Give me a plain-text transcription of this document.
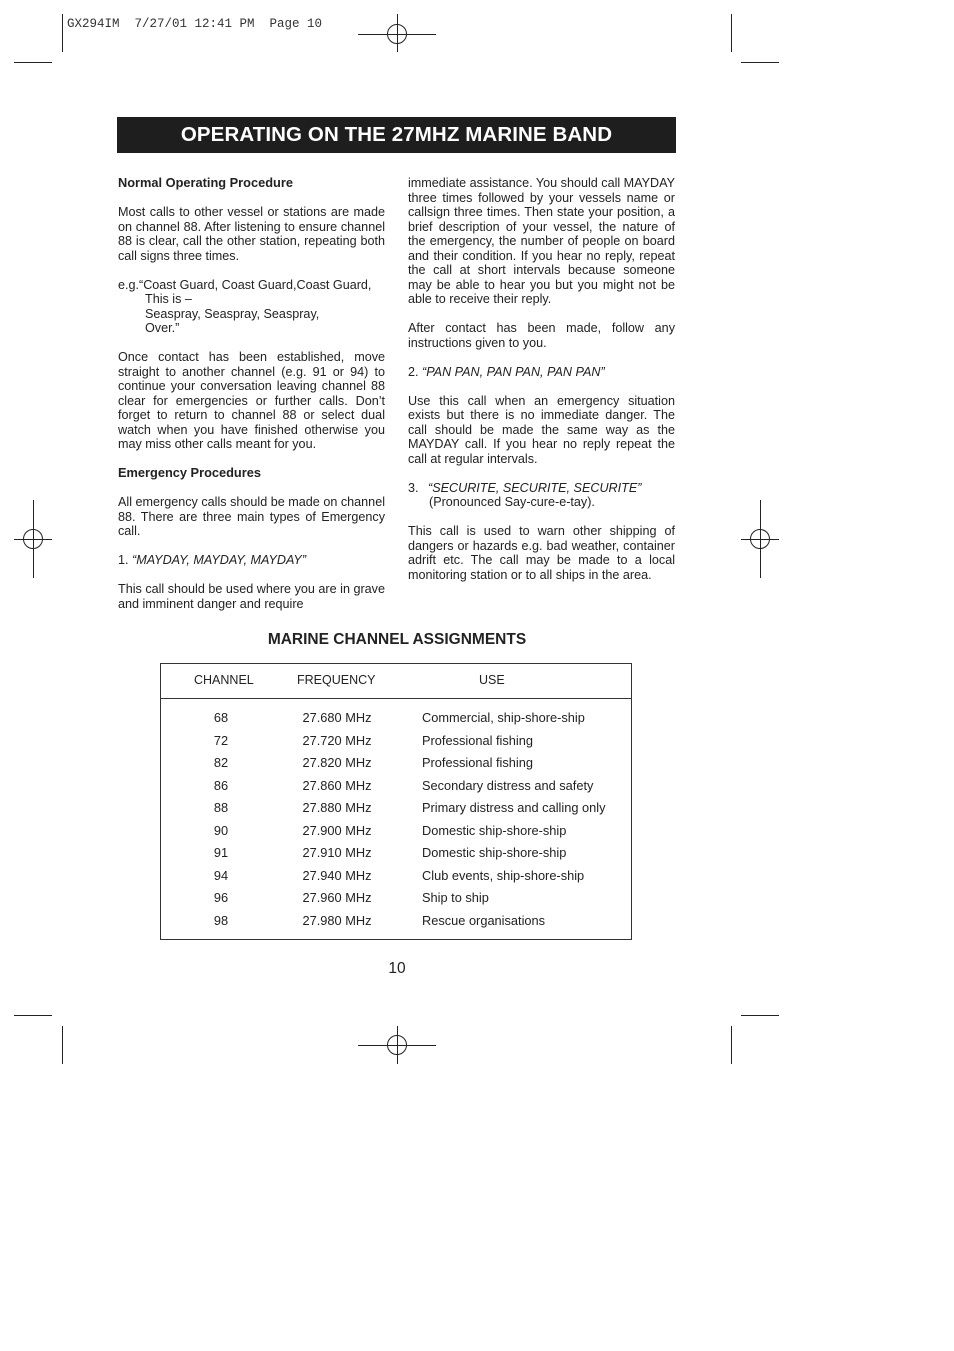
GX294IM  7/27/01 12:41 PM  Page 10
OPERATING ON THE 27MHZ MARINE BAND
Normal Operating Procedure

Most calls to other vessel or stations are made on channel 88. After listening to ensure channel 88 is clear, call the other station, repeating both call signs three times.

e.g.“Coast Guard, Coast Guard,Coast Guard,
This is –
Seaspray, Seaspray, Seaspray,
Over.”

Once contact has been established, move straight to another channel (e.g. 91 or 94) to continue your conversation leaving channel 88 clear for emergencies or further calls. Don’t forget to return to channel 88 or select dual watch when you have finished otherwise you may miss other calls meant for you.

Emergency Procedures

All emergency calls should be made on channel 88. There are three main types of Emergency call.

1. “MAYDAY, MAYDAY, MAYDAY”

This call should be used where you are in grave and imminent danger and require

immediate assistance. You should call MAYDAY three times followed by your vessels name or callsign three times. Then state your position, a brief description of your vessel, the nature of the emergency, the number of people on board and their condition. If you hear no reply, repeat the call at short intervals because someone may be able to hear you but you might not be able to receive their reply.

After contact has been made, follow any instructions given to you.

2. “PAN PAN, PAN PAN, PAN PAN”

Use this call when an emergency situation exists but there is no immediate danger. The call should be made the same way as the MAYDAY call. If you hear no reply repeat the call at regular intervals.

3. “SECURITE, SECURITE, SECURITE”
(Pronounced Say-cure-e-tay).

This call is used to warn other shipping of dangers or hazards e.g. bad weather, container adrift etc. The call may be made to a local monitoring station or to all ships in the area.

MARINE CHANNEL ASSIGNMENTS
CHANNEL	FREQUENCY	USE
68	27.680 MHz	Commercial, ship-shore-ship
72	27.720 MHz	Professional fishing
82	27.820 MHz	Professional fishing
86	27.860 MHz	Secondary distress and safety
88	27.880 MHz	Primary distress and calling only
90	27.900 MHz	Domestic ship-shore-ship
91	27.910 MHz	Domestic ship-shore-ship
94	27.940 MHz	Club events, ship-shore-ship
96	27.960 MHz	Ship to ship
98	27.980 MHz	Rescue organisations
10
